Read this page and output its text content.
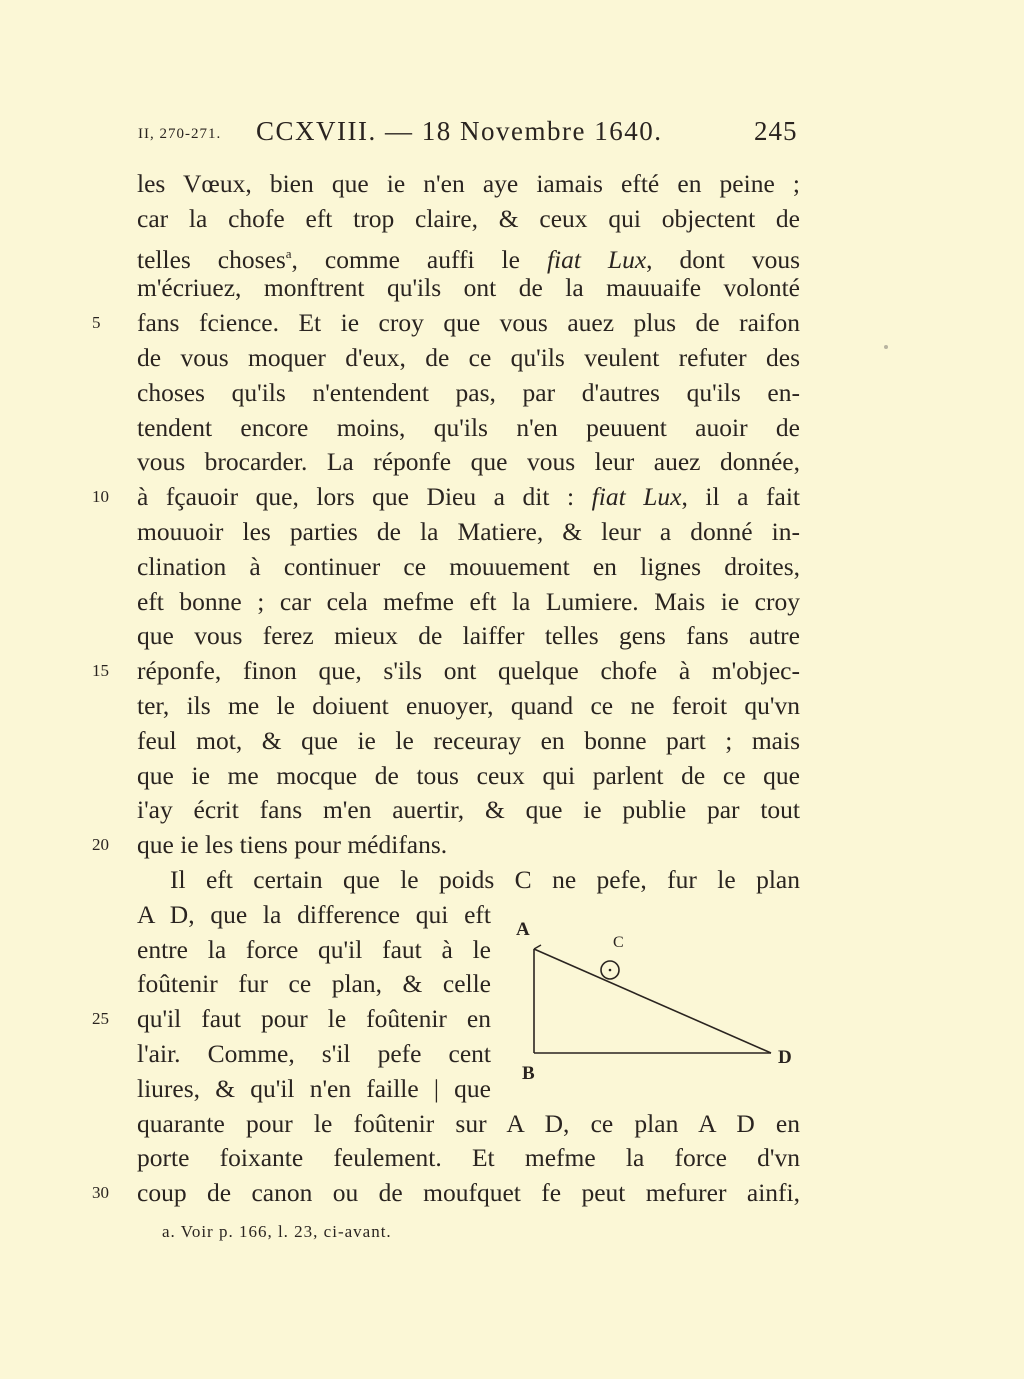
II, 270-271. CCXVIII. — 18 Novembre 1640.	245
les Vœux, bien que ie n'en aye iamais efté en peine ;
car la chofe eft trop claire, & ceux qui objectent de
telles choses$^a$, comme auffi le fiat Lux, dont vous
m'écriuez, monftrent qu'ils ont de la mauuaife volonté
fans fcience. Et ie croy que vous auez plus de raifon
5
de vous moquer d'eux, de ce qu'ils veulent refuter des
choses qu'ils n'entendent pas, par d'autres qu'ils en-
tendent encore moins, qu'ils n'en peuuent auoir de
vous brocarder. La réponfe que vous leur auez donnée,
à fçauoir que, lors que Dieu a dit : fiat Lux, il a fait
10
mouuoir les parties de la Matiere, & leur a donné in-
clination à continuer ce mouuement en lignes droites,
eft bonne ; car cela mefme eft la Lumiere. Mais ie croy
que vous ferez mieux de laiffer telles gens fans autre
réponfe, finon que, s'ils ont quelque chofe à m'objec-
15
ter, ils me le doiuent enuoyer, quand ce ne feroit qu'vn
feul mot, & que ie le receuray en bonne part ; mais
que ie me mocque de tous ceux qui parlent de ce que
i'ay écrit fans m'en auertir, & que ie publie par tout
que ie les tiens pour médifans.
20
Il eft certain que le poids C ne pefe, fur le plan
A D, que la difference qui eft
entre la force qu'il faut à le
foûtenir fur ce plan, & celle
qu'il faut pour le foûtenir en
25
l'air. Comme, s'il pefe cent
liures, & qu'il n'en faille | que
quarante pour le foûtenir sur A D, ce plan A D en
porte foixante feulement. Et mefme la force d'vn
coup de canon ou de moufquet fe peut mefurer ainfi,
30
A
C
B
D
a. Voir p. 166, l. 23, ci-avant.
